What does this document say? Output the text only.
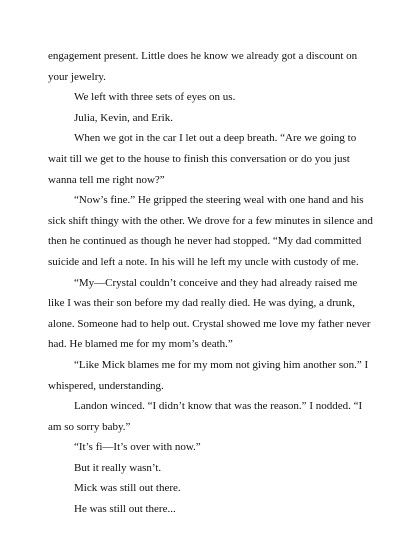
engagement present. Little does he know we already got a discount on your jewelry.

We left with three sets of eyes on us.

Julia, Kevin, and Erik.

When we got in the car I let out a deep breath. “Are we going to wait till we get to the house to finish this conversation or do you just wanna tell me right now?”

“Now’s fine.” He gripped the steering weal with one hand and his sick shift thingy with the other. We drove for a few minutes in silence and then he continued as though he never had stopped. “My dad committed suicide and left a note. In his will he left my uncle with custody of me.

“My—Crystal couldn’t conceive and they had already raised me like I was their son before my dad really died. He was dying, a drunk, alone. Someone had to help out. Crystal showed me love my father never had. He blamed me for my mom’s death.”

“Like Mick blames me for my mom not giving him another son.” I whispered, understanding.

Landon winced. “I didn’t know that was the reason.” I nodded. “I am so sorry baby.”

“It’s fi—It’s over with now.”

But it really wasn’t.

Mick was still out there.

He was still out there...
